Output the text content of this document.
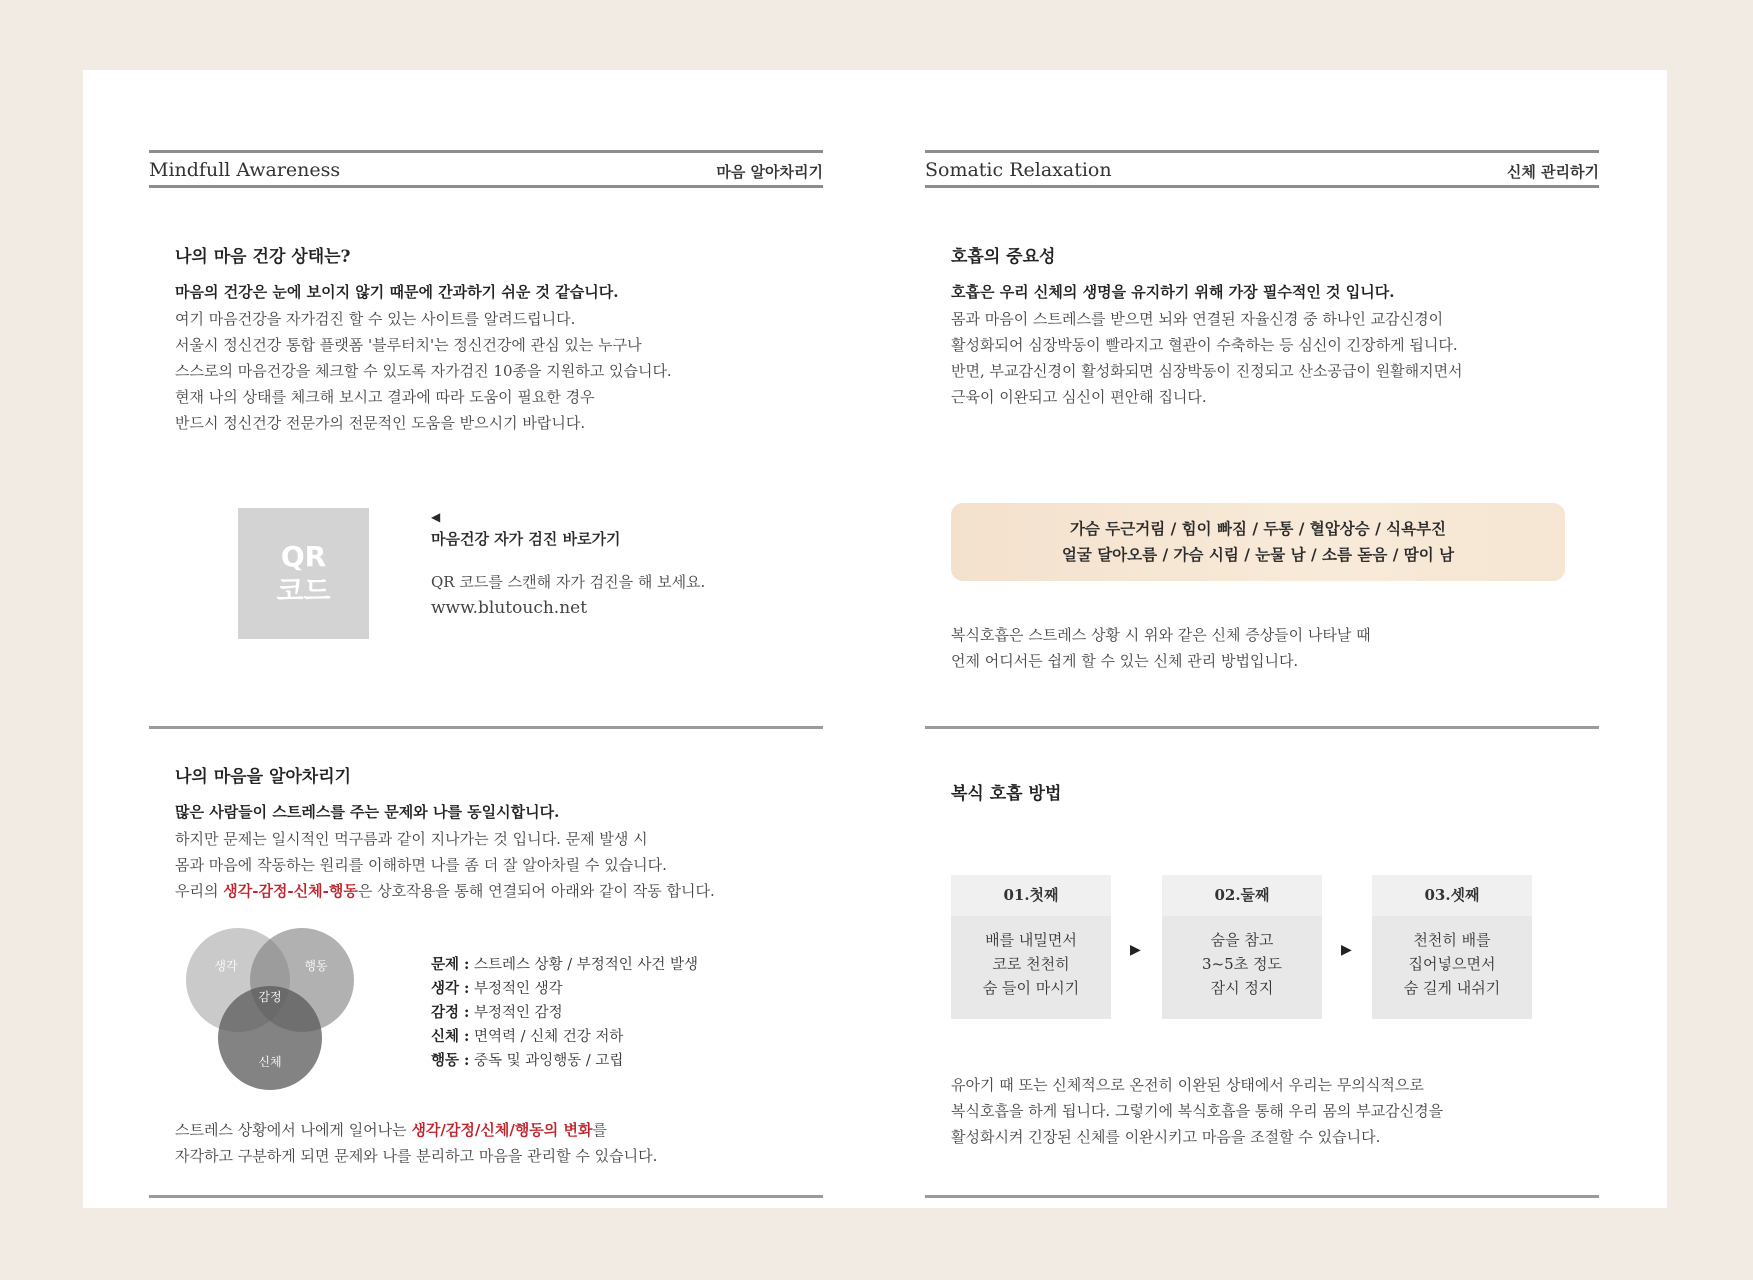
Mindfull Awareness	마음 알아차리기
나의 마음 건강 상태는?

마음의 건강은 눈에 보이지 않기 때문에 간과하기 쉬운 것 같습니다.

여기 마음건강을 자가검진 할 수 있는 사이트를 알려드립니다.

서울시 정신건강 통합 플랫폼 '블루터치'는 정신건강에 관심 있는 누구나

스스로의 마음건강을 체크할 수 있도록 자가검진 10종을 지원하고 있습니다.

현재 나의 상태를 체크해 보시고 결과에 따라 도움이 필요한 경우

반드시 정신건강 전문가의 전문적인 도움을 받으시기 바랍니다.

QR
코드
◀
마음건강 자가 검진 바로가기
QR 코드를 스캔해 자가 검진을 해 보세요.
www.blutouch.net
나의 마음을 알아차리기

많은 사람들이 스트레스를 주는 문제와 나를 동일시합니다.

하지만 문제는 일시적인 먹구름과 같이 지나가는 것 입니다. 문제 발생 시

몸과 마음에 작동하는 원리를 이해하면 나를 좀 더 잘 알아차릴 수 있습니다.

우리의 생각-감정-신체-행동은 상호작용을 통해 연결되어 아래와 같이 작동 합니다.

생각	행동
감정
신체
문제 : 스트레스 상황 / 부정적인 사건 발생
생각 : 부정적인 생각
감정 : 부정적인 감정
신체 : 면역력 / 신체 건강 저하
행동 : 중독 및 과잉행동 / 고립

스트레스 상황에서 나에게 일어나는 생각/감정/신체/행동의 변화를

자각하고 구분하게 되면 문제와 나를 분리하고 마음을 관리할 수 있습니다.

Somatic Relaxation	신체 관리하기
호흡의 중요성

호흡은 우리 신체의 생명을 유지하기 위해 가장 필수적인 것 입니다.

몸과 마음이 스트레스를 받으면 뇌와 연결된 자율신경 중 하나인 교감신경이

활성화되어 심장박동이 빨라지고 혈관이 수축하는 등 심신이 긴장하게 됩니다.

반면, 부교감신경이 활성화되면 심장박동이 진정되고 산소공급이 원활해지면서

근육이 이완되고 심신이 편안해 집니다.

가슴 두근거림 / 힘이 빠짐 / 두통 / 혈압상승 / 식욕부진
얼굴 달아오름 / 가슴 시림 / 눈물 남 / 소름 돋음 / 땀이 남

복식호흡은 스트레스 상황 시 위와 같은 신체 증상들이 나타날 때

언제 어디서든 쉽게 할 수 있는 신체 관리 방법입니다.

복식 호흡 방법
01.첫째
배를 내밀면서
코로 천천히
숨 들이 마시기
▶
02.둘째
숨을 참고
3~5초 정도
잠시 정지
▶
03.셋째
천천히 배를
집어넣으면서
숨 길게 내쉬기

유아기 때 또는 신체적으로 온전히 이완된 상태에서 우리는 무의식적으로

복식호흡을 하게 됩니다. 그렇기에 복식호흡을 통해 우리 몸의 부교감신경을

활성화시켜 긴장된 신체를 이완시키고 마음을 조절할 수 있습니다.
